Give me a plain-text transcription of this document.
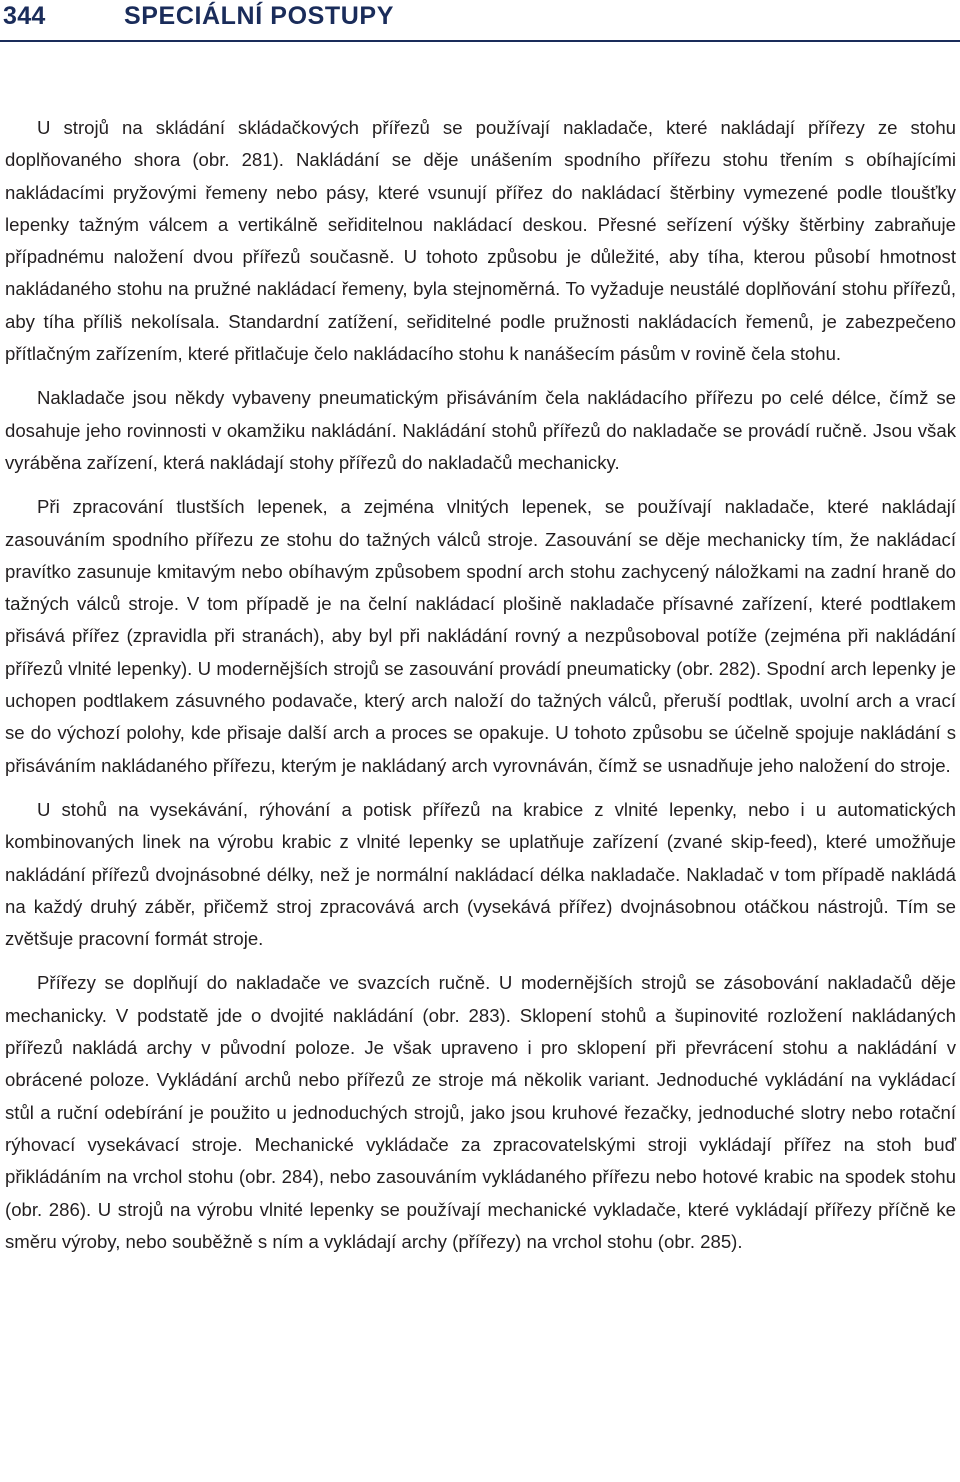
344	SPECIÁLNÍ POSTUPY

U strojů na skládání skládačkových přířezů se používají nakladače, které nakládají přířezy ze stohu doplňovaného shora (obr. 281). Nakládání se děje unášením spodního přířezu stohu třením s obíhajícími nakládacími pryžovými řemeny nebo pásy, které vsunují přířez do nakládací štěrbiny vymezené podle tloušťky lepenky tažným válcem a vertikálně seřiditelnou nakládací deskou. Přesné seřízení výšky štěrbiny zabraňuje případnému naložení dvou přířezů současně. U tohoto způsobu je důležité, aby tíha, kterou působí hmotnost nakládaného stohu na pružné nakládací řemeny, byla stejnoměrná. To vyžaduje neustálé doplňování stohu přířezů, aby tíha příliš nekolísala. Standardní zatížení, seřiditelné podle pružnosti nakládacích řemenů, je zabezpečeno přítlačným zařízením, které přitlačuje čelo nakládacího stohu k nanášecím pásům v rovině čela stohu.

Nakladače jsou někdy vybaveny pneumatickým přisáváním čela nakládacího přířezu po celé délce, čímž se dosahuje jeho rovinnosti v okamžiku nakládání. Nakládání stohů přířezů do nakladače se provádí ručně. Jsou však vyráběna zařízení, která nakládají stohy přířezů do nakladačů mechanicky.

Při zpracování tlustších lepenek, a zejména vlnitých lepenek, se používají nakladače, které nakládají zasouváním spodního přířezu ze stohu do tažných válců stroje. Zasouvání se děje mechanicky tím, že nakládací pravítko zasunuje kmitavým nebo obíhavým způsobem spodní arch stohu zachycený náložkami na zadní hraně do tažných válců stroje. V tom případě je na čelní nakládací plošině nakladače přísavné zařízení, které podtlakem přisává přířez (zpravidla při stranách), aby byl při nakládání rovný a nezpůsoboval potíže (zejména při nakládání přířezů vlnité lepenky). U modernějších strojů se zasouvání provádí pneumaticky (obr. 282). Spodní arch lepenky je uchopen podtlakem zásuvného podavače, který arch naloží do tažných válců, přeruší podtlak, uvolní arch a vrací se do výchozí polohy, kde přisaje další arch a proces se opakuje. U tohoto způsobu se účelně spojuje nakládání s přisáváním nakládaného přířezu, kterým je nakládaný arch vyrovnáván, čímž se usnadňuje jeho naložení do stroje.

U stohů na vysekávání, rýhování a potisk přířezů na krabice z vlnité lepenky, nebo i u automatických kombinovaných linek na výrobu krabic z vlnité lepenky se uplatňuje zařízení (zvané skip-feed), které umožňuje nakládání přířezů dvojnásobné délky, než je normální nakládací délka nakladače. Nakladač v tom případě nakládá na každý druhý záběr, přičemž stroj zpracovává arch (vysekává přířez) dvojnásobnou otáčkou nástrojů. Tím se zvětšuje pracovní formát stroje.

Přířezy se doplňují do nakladače ve svazcích ručně. U modernějších strojů se zásobování nakladačů děje mechanicky. V podstatě jde o dvojité nakládání (obr. 283). Sklopení stohů a šupinovité rozložení nakládaných přířezů nakládá archy v původní poloze. Je však upraveno i pro sklopení při převrácení stohu a nakládání v obrácené poloze. Vykládání archů nebo přířezů ze stroje má několik variant. Jednoduché vykládání na vykládací stůl a ruční odebírání je použito u jednoduchých strojů, jako jsou kruhové řezačky, jednoduché slotry nebo rotační rýhovací vysekávací stroje. Mechanické vykládače za zpracovatelskými stroji vykládají přířez na stoh buď přikládáním na vrchol stohu (obr. 284), nebo zasouváním vykládaného přířezu nebo hotové krabic na spodek stohu (obr. 286). U strojů na výrobu vlnité lepenky se používají mechanické vykladače, které vykládají přířezy příčně ke směru výroby, nebo souběžně s ním a vykládají archy (přířezy) na vrchol stohu (obr. 285).
